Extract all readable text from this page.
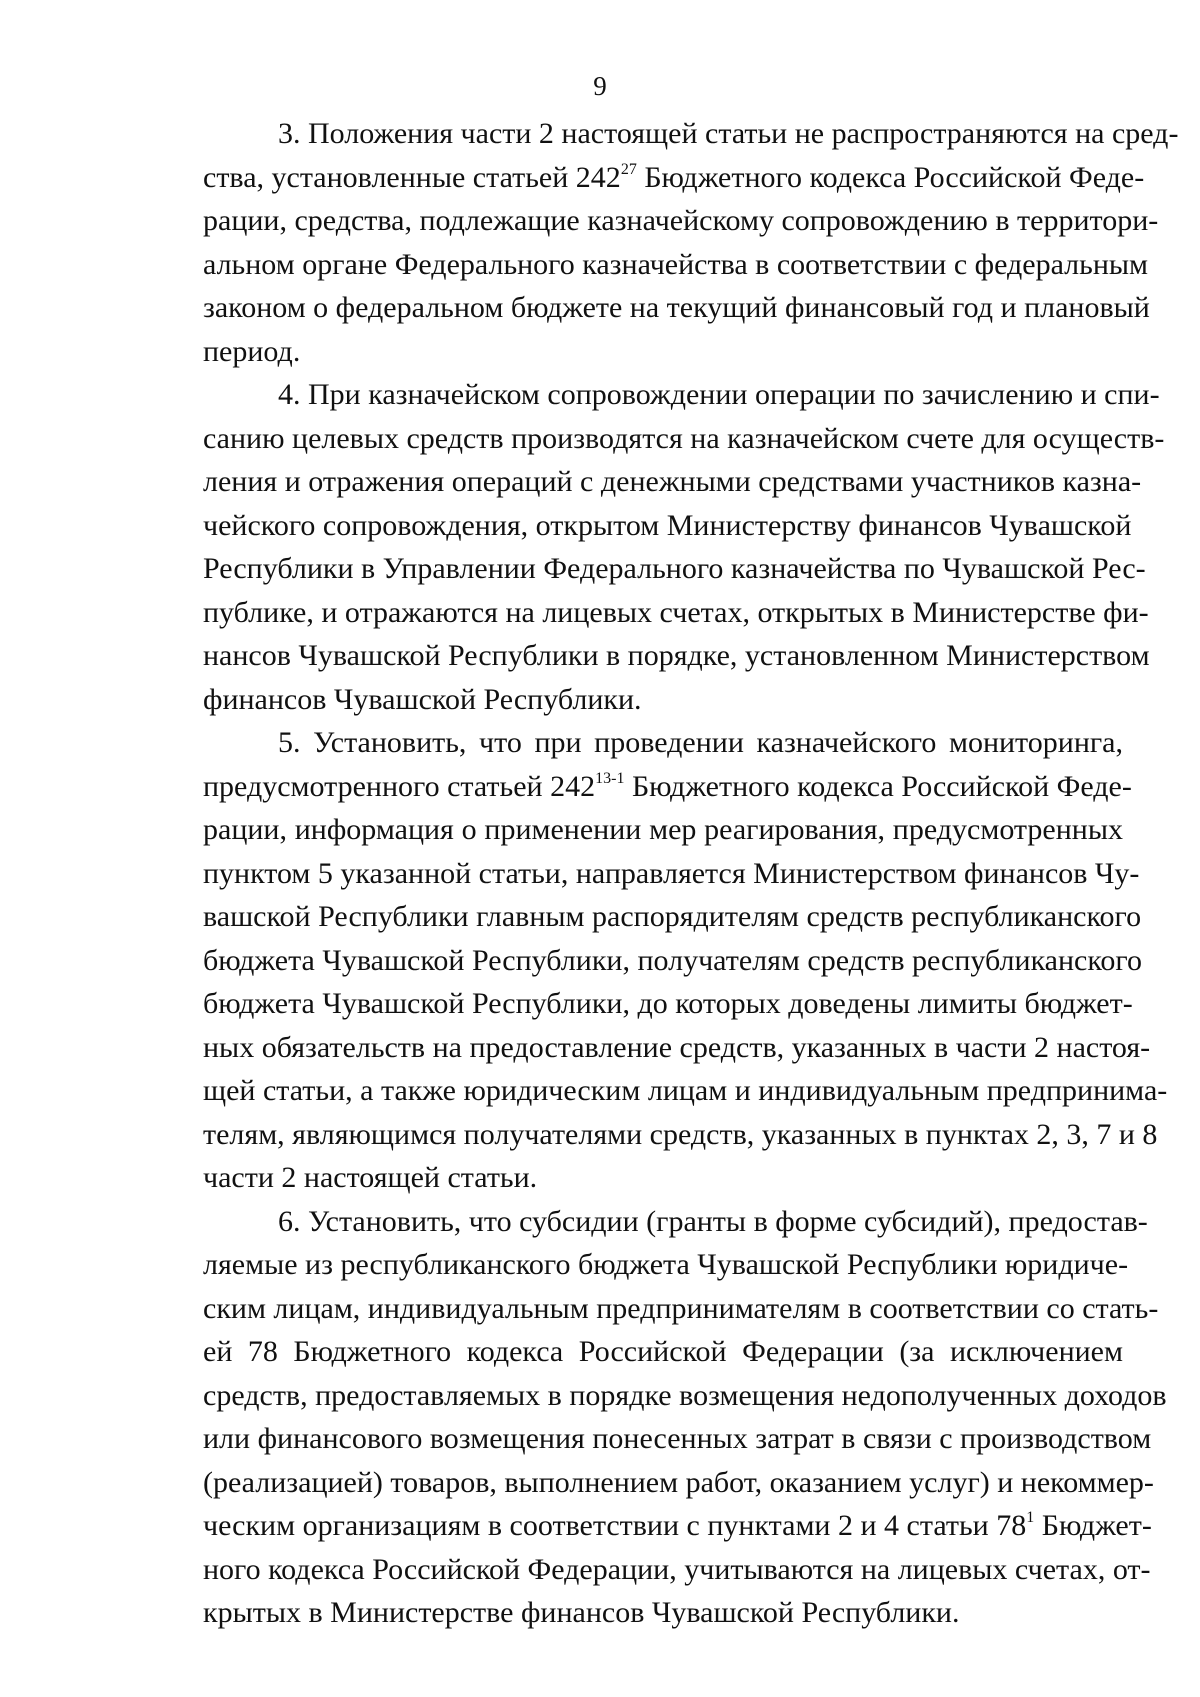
9
3. Положения части 2 настоящей статьи не распространяются на сред-
ства, установленные статьей $242^{27}$ Бюджетного кодекса Российской Феде-
рации, средства, подлежащие казначейскому сопровождению в территори-
альном органе Федерального казначейства в соответствии с федеральным
законом о федеральном бюджете на текущий финансовый год и плановый
период.
4. При казначейском сопровождении операции по зачислению и спи-
санию целевых средств производятся на казначейском счете для осуществ-
ления и отражения операций с денежными средствами участников казна-
чейского сопровождения, открытом Министерству финансов Чувашской
Республики в Управлении Федерального казначейства по Чувашской Рес-
публике, и отражаются на лицевых счетах, открытых в Министерстве фи-
нансов Чувашской Республики в порядке, установленном Министерством
финансов Чувашской Республики.
5. Установить, что при проведении казначейского мониторинга,
предусмотренного статьей 242$^{13-1}$ Бюджетного кодекса Российской Феде-
рации, информация о применении мер реагирования, предусмотренных
пунктом 5 указанной статьи, направляется Министерством финансов Чу-
вашской Республики главным распорядителям средств республиканского
бюджета Чувашской Республики, получателям средств республиканского
бюджета Чувашской Республики, до которых доведены лимиты бюджет-
ных обязательств на предоставление средств, указанных в части 2 настоя-
щей статьи, а также юридическим лицам и индивидуальным предпринима-
телям, являющимся получателями средств, указанных в пунктах 2, 3, 7 и 8
части 2 настоящей статьи.
6. Установить, что субсидии (гранты в форме субсидий), предостав-
ляемые из республиканского бюджета Чувашской Республики юридиче-
ским лицам, индивидуальным предпринимателям в соответствии со стать-
ей 78 Бюджетного кодекса Российской Федерации (за исключением
средств, предоставляемых в порядке возмещения недополученных доходов
или финансового возмещения понесенных затрат в связи с производством
(реализацией) товаров, выполнением работ, оказанием услуг) и некоммер-
ческим организациям в соответствии с пунктами 2 и 4 статьи $78^1$ Бюджет-
ного кодекса Российской Федерации, учитываются на лицевых счетах, от-
крытых в Министерстве финансов Чувашской Республики.
